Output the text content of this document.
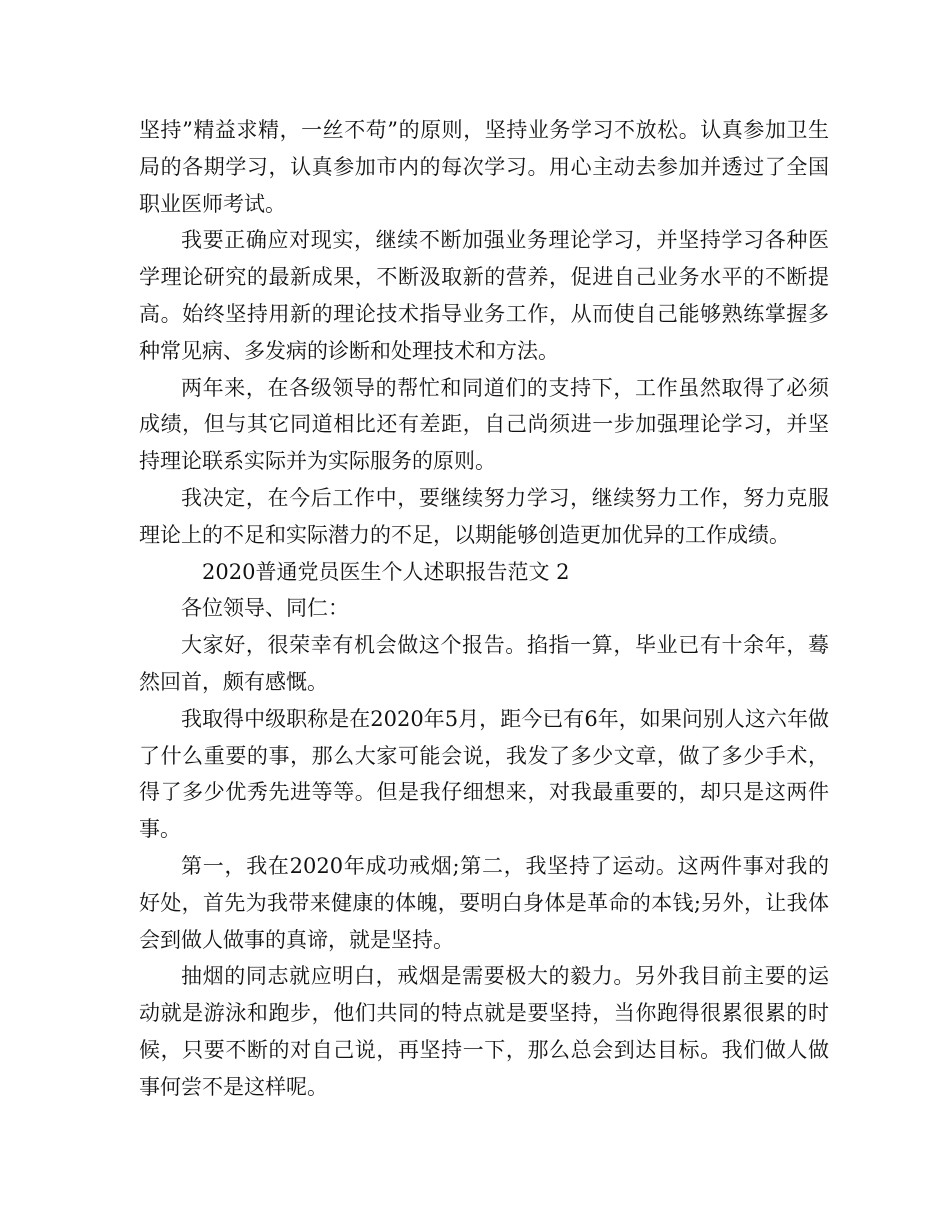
坚持”精益求精，一丝不苟”的原则，坚持业务学习不放松。认真参加卫生局的各期学习，认真参加市内的每次学习。用心主动去参加并透过了全国职业医师考试。

我要正确应对现实，继续不断加强业务理论学习，并坚持学习各种医学理论研究的最新成果，不断汲取新的营养，促进自己业务水平的不断提高。始终坚持用新的理论技术指导业务工作，从而使自己能够熟练掌握多种常见病、多发病的诊断和处理技术和方法。

两年来，在各级领导的帮忙和同道们的支持下，工作虽然取得了必须成绩，但与其它同道相比还有差距，自己尚须进一步加强理论学习，并坚持理论联系实际并为实际服务的原则。

我决定，在今后工作中，要继续努力学习，继续努力工作，努力克服理论上的不足和实际潜力的不足，以期能够创造更加优异的工作成绩。

2020普通党员医生个人述职报告范文 2

各位领导、同仁：

大家好，很荣幸有机会做这个报告。掐指一算，毕业已有十余年，蓦然回首，颇有感慨。

我取得中级职称是在2020年5月，距今已有6年，如果问别人这六年做了什么重要的事，那么大家可能会说，我发了多少文章，做了多少手术，得了多少优秀先进等等。但是我仔细想来，对我最重要的，却只是这两件事。

第一，我在2020年成功戒烟;第二，我坚持了运动。这两件事对我的好处，首先为我带来健康的体魄，要明白身体是革命的本钱;另外，让我体会到做人做事的真谛，就是坚持。

抽烟的同志就应明白，戒烟是需要极大的毅力。另外我目前主要的运动就是游泳和跑步，他们共同的特点就是要坚持，当你跑得很累很累的时候，只要不断的对自己说，再坚持一下，那么总会到达目标。我们做人做事何尝不是这样呢。
